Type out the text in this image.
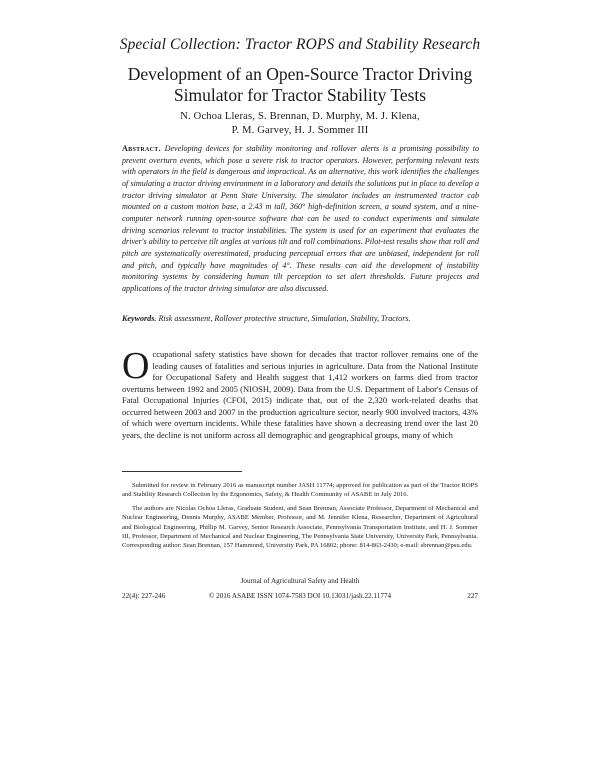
Special Collection: Tractor ROPS and Stability Research
Development of an Open-Source Tractor Driving
Simulator for Tractor Stability Tests
N. Ochoa Lleras, S. Brennan, D. Murphy, M. J. Klena,
P. M. Garvey, H. J. Sommer III
Abstract. Developing devices for stability monitoring and rollover alerts is a promising possibility to prevent overturn events, which pose a severe risk to tractor operators. However, performing relevant tests with operators in the field is dangerous and impractical. As an alternative, this work identifies the challenges of simulating a tractor driving environment in a laboratory and details the solutions put in place to develop a tractor driving simulator at Penn State University. The simulator includes an instrumented tractor cab mounted on a custom motion base, a 2.43 m tall, 360° high-definition screen, a sound system, and a nine-computer network running open-source software that can be used to conduct experiments and simulate driving scenarios relevant to tractor instabilities. The system is used for an experiment that evaluates the driver's ability to perceive tilt angles at various tilt and roll combinations. Pilot-test results show that roll and pitch are systematically overestimated, producing perceptual errors that are unbiased, independent for roll and pitch, and typically have magnitudes of 4°. These results can aid the development of instability monitoring systems by considering human tilt perception to set alert thresholds. Future projects and applications of the tractor driving simulator are also discussed.
Keywords. Risk assessment, Rollover protective structure, Simulation, Stability, Tractors.
Occupational safety statistics have shown for decades that tractor rollover remains one of the leading causes of fatalities and serious injuries in agriculture. Data from the National Institute for Occupational Safety and Health suggest that 1,412 workers on farms died from tractor overturns between 1992 and 2005 (NIOSH, 2009). Data from the U.S. Department of Labor's Census of Fatal Occupational Injuries (CFOI, 2015) indicate that, out of the 2,320 work-related deaths that occurred between 2003 and 2007 in the production agriculture sector, nearly 900 involved tractors, 43% of which were overturn incidents. While these fatalities have shown a decreasing trend over the last 20 years, the decline is not uniform across all demographic and geographical groups, many of which

Submitted for review in February 2016 as manuscript number JASH 11774; approved for publication as part of the Tractor ROPS and Stability Research Collection by the Ergonomics, Safety, & Health Community of ASABE in July 2016.

The authors are Nicolas Ochoa Lleras, Graduate Student, and Sean Brennan, Associate Professor, Department of Mechanical and Nuclear Engineering, Dennis Murphy, ASABE Member, Professor, and M. Jennifer Klena, Researcher, Department of Agricultural and Biological Engineering, Phillip M. Garvey, Senior Research Associate, Pennsylvania Transportation Institute, and H. J. Sommer III, Professor, Department of Mechanical and Nuclear Engineering, The Pennsylvania State University, University Park, Pennsylvania. Corresponding author: Sean Brennan, 157 Hammond, University Park, PA 16802; phone: 814-863-2430; e-mail: sbrennan@psu.edu.

Journal of Agricultural Safety and Health
22(4): 227-246	© 2016 ASABE ISSN 1074-7583 DOI 10.13031/jash.22.11774	227
